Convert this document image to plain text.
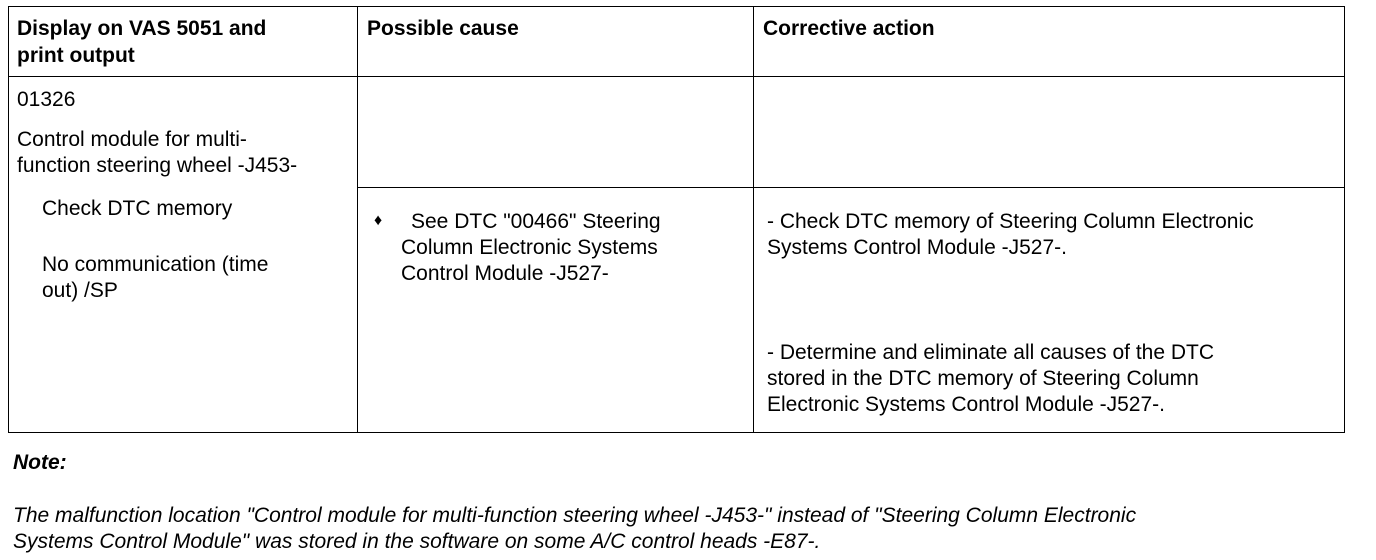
Display on VAS 5051 and
print output
Possible cause	Corrective action
01326
Control module for multi-
function steering wheel -J453-
Check DTC memory
No communication (time
out) /SP
♦ See DTC "00466" Steering
Column Electronic Systems
Control Module -J527-
- Check DTC memory of Steering Column Electronic
Systems Control Module -J527-.
- Determine and eliminate all causes of the DTC
stored in the DTC memory of Steering Column
Electronic Systems Control Module -J527-.
Note:
The malfunction location "Control module for multi-function steering wheel -J453-" instead of "Steering Column Electronic
Systems Control Module" was stored in the software on some A/C control heads -E87-.
